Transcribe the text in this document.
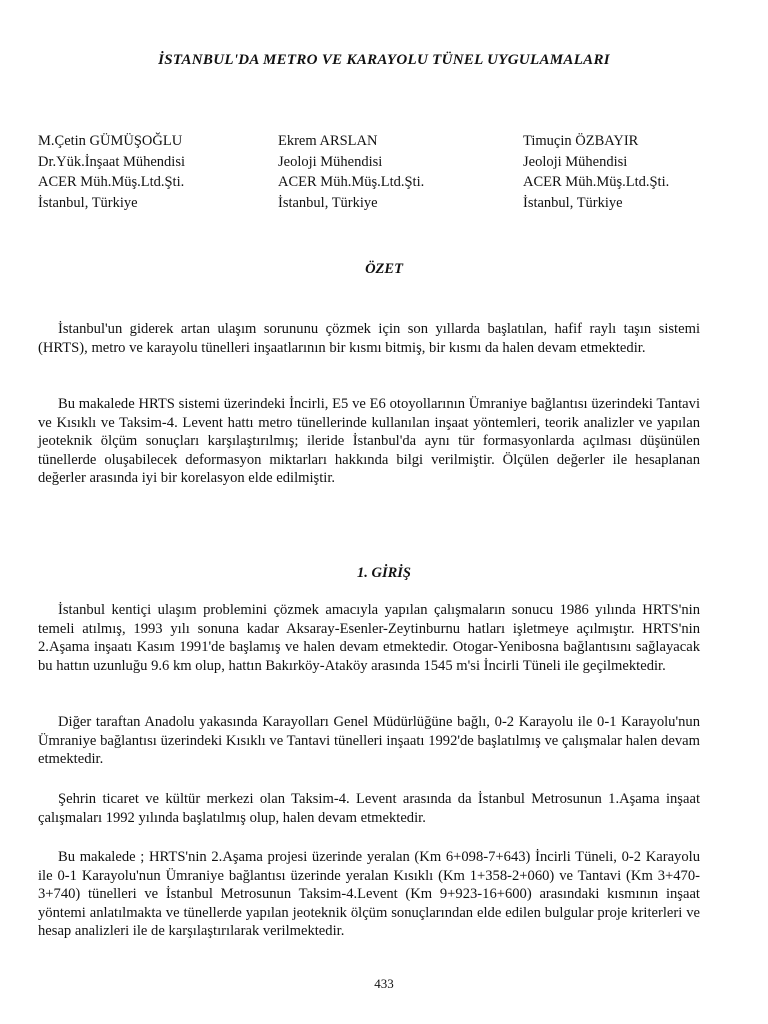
İSTANBUL'DA METRO VE KARAYOLU TÜNEL UYGULAMALARI
M.Çetin GÜMÜŞOĞLU
Dr.Yük.İnşaat Mühendisi
ACER Müh.Müş.Ltd.Şti.
İstanbul, Türkiye
Ekrem ARSLAN
Jeoloji Mühendisi
ACER Müh.Müş.Ltd.Şti.
İstanbul, Türkiye
Timuçin ÖZBAYIR
Jeoloji Mühendisi
ACER Müh.Müş.Ltd.Şti.
İstanbul, Türkiye
ÖZET

İstanbul'un giderek artan ulaşım sorununu çözmek için son yıllarda başlatılan, hafif raylı taşın sistemi (HRTS), metro ve karayolu tünelleri inşaatlarının bir kısmı bitmiş, bir kısmı da halen devam etmektedir.

Bu makalede HRTS sistemi üzerindeki İncirli, E5 ve E6 otoyollarının Ümraniye bağlantısı üzerindeki Tantavi ve Kısıklı ve Taksim-4. Levent hattı metro tünellerinde kullanılan inşaat yöntemleri, teorik analizler ve yapılan jeoteknik ölçüm sonuçları karşılaştırılmış; ileride İstanbul'da aynı tür formasyonlarda açılması düşünülen tünellerde oluşabilecek deformasyon miktarları hakkında bilgi verilmiştir. Ölçülen değerler ile hesaplanan değerler arasında iyi bir korelasyon elde edilmiştir.

1. GİRİŞ

İstanbul kentiçi ulaşım problemini çözmek amacıyla yapılan çalışmaların sonucu 1986 yılında HRTS'nin temeli atılmış, 1993 yılı sonuna kadar Aksaray-Esenler-Zeytinburnu hatları işletmeye açılmıştır. HRTS'nin 2.Aşama inşaatı Kasım 1991'de başlamış ve halen devam etmektedir. Otogar-Yenibosna bağlantısını sağlayacak bu hattın uzunluğu 9.6 km olup, hattın Bakırköy-Ataköy arasında 1545 m'si İncirli Tüneli ile geçilmektedir.

Diğer taraftan Anadolu yakasında Karayolları Genel Müdürlüğüne bağlı, 0-2 Karayolu ile 0-1 Karayolu'nun Ümraniye bağlantısı üzerindeki Kısıklı ve Tantavi tünelleri inşaatı 1992'de başlatılmış ve çalışmalar halen devam etmektedir.

Şehrin ticaret ve kültür merkezi olan Taksim-4. Levent arasında da İstanbul Metrosunun 1.Aşama inşaat çalışmaları 1992 yılında başlatılmış olup, halen devam etmektedir.

Bu makalede ; HRTS'nin 2.Aşama projesi üzerinde yeralan (Km 6+098-7+643) İncirli Tüneli, 0-2 Karayolu ile 0-1 Karayolu'nun Ümraniye bağlantısı üzerinde yeralan Kısıklı (Km 1+358-2+060) ve Tantavi (Km 3+470-3+740) tünelleri ve İstanbul Metrosunun Taksim-4.Levent (Km 9+923-16+600) arasındaki kısmının inşaat yöntemi anlatılmakta ve tünellerde yapılan jeoteknik ölçüm sonuçlarından elde edilen bulgular proje kriterleri ve hesap analizleri ile de karşılaştırılarak verilmektedir.

433
